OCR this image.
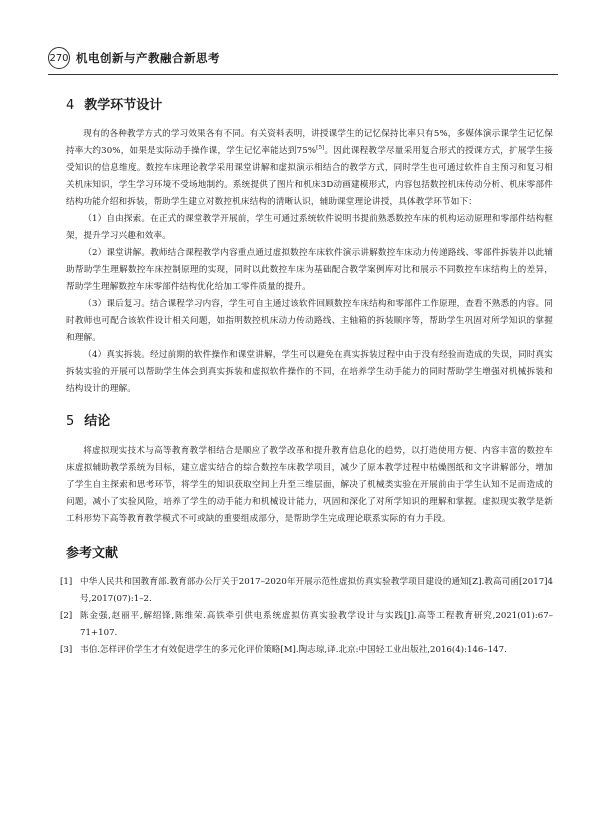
270 机电创新与产教融合新思考
4 教学环节设计

现有的各种教学方式的学习效果各有不同。有关资料表明，讲授课学生的记忆保持比率只有5%，多媒体演示课学生记忆保持率大约30%，如果是实际动手操作课，学生记忆率能达到75%[5]。因此课程教学尽量采用复合形式的授课方式，扩展学生接受知识的信息维度。数控车床理论教学采用课堂讲解和虚拟演示相结合的教学方式，同时学生也可通过软件自主预习和复习相关机床知识，学生学习环境不受场地制约。系统提供了图片和机床3D动画建模形式，内容包括数控机床传动分析、机床零部件结构功能介绍和拆装，帮助学生建立对数控机床结构的清晰认识，辅助课堂理论讲授，具体教学环节如下：

（1）自由探索。在正式的课堂教学开展前，学生可通过系统软件说明书提前熟悉数控车床的机构运动原理和零部件结构框架，提升学习兴趣和效率。

（2）课堂讲解。教师结合课程教学内容重点通过虚拟数控车床软件演示讲解数控车床动力传递路线、零部件拆装并以此辅助帮助学生理解数控车床控制原理的实现，同时以此数控车床为基础配合教学案例库对比和展示不同数控车床结构上的差异，帮助学生理解数控车床零部件结构优化给加工零件质量的提升。

（3）课后复习。结合课程学习内容，学生可自主通过该软件回顾数控车床结构和零部件工作原理，查看不熟悉的内容。同时教师也可配合该软件设计相关问题，如指明数控机床动力传动路线、主轴箱的拆装顺序等，帮助学生巩固对所学知识的掌握和理解。

（4）真实拆装。经过前期的软件操作和课堂讲解，学生可以避免在真实拆装过程中由于没有经验而造成的失误，同时真实拆装实验的开展可以帮助学生体会到真实拆装和虚拟软件操作的不同，在培养学生动手能力的同时帮助学生增强对机械拆装和结构设计的理解。

5 结论

将虚拟现实技术与高等教育教学相结合是顺应了教学改革和提升教育信息化的趋势，以打造使用方便、内容丰富的数控车床虚拟辅助教学系统为目标，建立虚实结合的综合数控车床教学项目，减少了原本教学过程中枯燥图纸和文字讲解部分，增加了学生自主探索和思考环节，将学生的知识获取空间上升至三维层面，解决了机械类实验在开展前由于学生认知不足而造成的问题，减小了实验风险，培养了学生的动手能力和机械设计能力，巩固和深化了对所学知识的理解和掌握。虚拟现实教学是新工科形势下高等教育教学模式不可或缺的重要组成部分，是帮助学生完成理论联系实际的有力手段。

参考文献
[1] 中华人民共和国教育部.教育部办公厅关于2017–2020年开展示范性虚拟仿真实验教学项目建设的通知[Z].教高司函[2017]4号,2017(07):1–2.
[2] 陈金强,赵丽平,解绍锋,陈维荣.高铁牵引供电系统虚拟仿真实验教学设计与实践[J].高等工程教育研究,2021(01):67–71+107.
[3] 韦伯.怎样评价学生才有效促进学生的多元化评价策略[M].陶志琼,译.北京:中国轻工业出版社,2016(4):146–147.
